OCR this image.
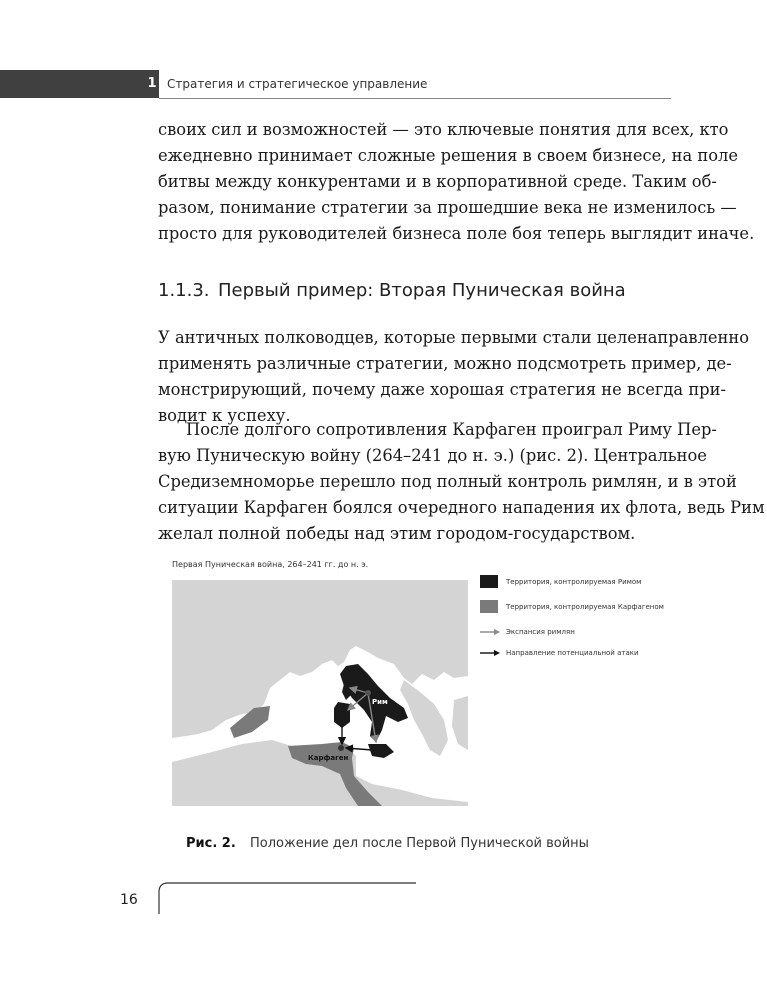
1 Стратегия и стратегическое управление
своих сил и возможностей — это ключевые понятия для всех, кто
ежедневно принимает сложные решения в своем бизнесе, на поле
битвы между конкурентами и в корпоративной среде. Таким об-
разом, понимание стратегии за прошедшие века не изменилось —
просто для руководителей бизнеса поле боя теперь выглядит иначе.
1.1.3. Первый пример: Вторая Пуническая война
У античных полководцев, которые первыми стали целенаправленно
применять различные стратегии, можно подсмотреть пример, де-
монстрирующий, почему даже хорошая стратегия не всегда при-
водит к успеху.
После долгого сопротивления Карфаген проиграл Риму Пер-
вую Пуническую войну (264–241 до н. э.) (рис. 2). Центральное
Средиземноморье перешло под полный контроль римлян, и в этой
ситуации Карфаген боялся очередного нападения их флота, ведь Рим
желал полной победы над этим городом-государством.
Первая Пуническая война, 264–241 гг. до н. э.
Рим
Карфаген
Территория, контролируемая Римом
Территория, контролируемая Карфагеном
Экспансия римлян
Направление потенциальной атаки
Рис. 2. Положение дел после Первой Пунической войны
16
